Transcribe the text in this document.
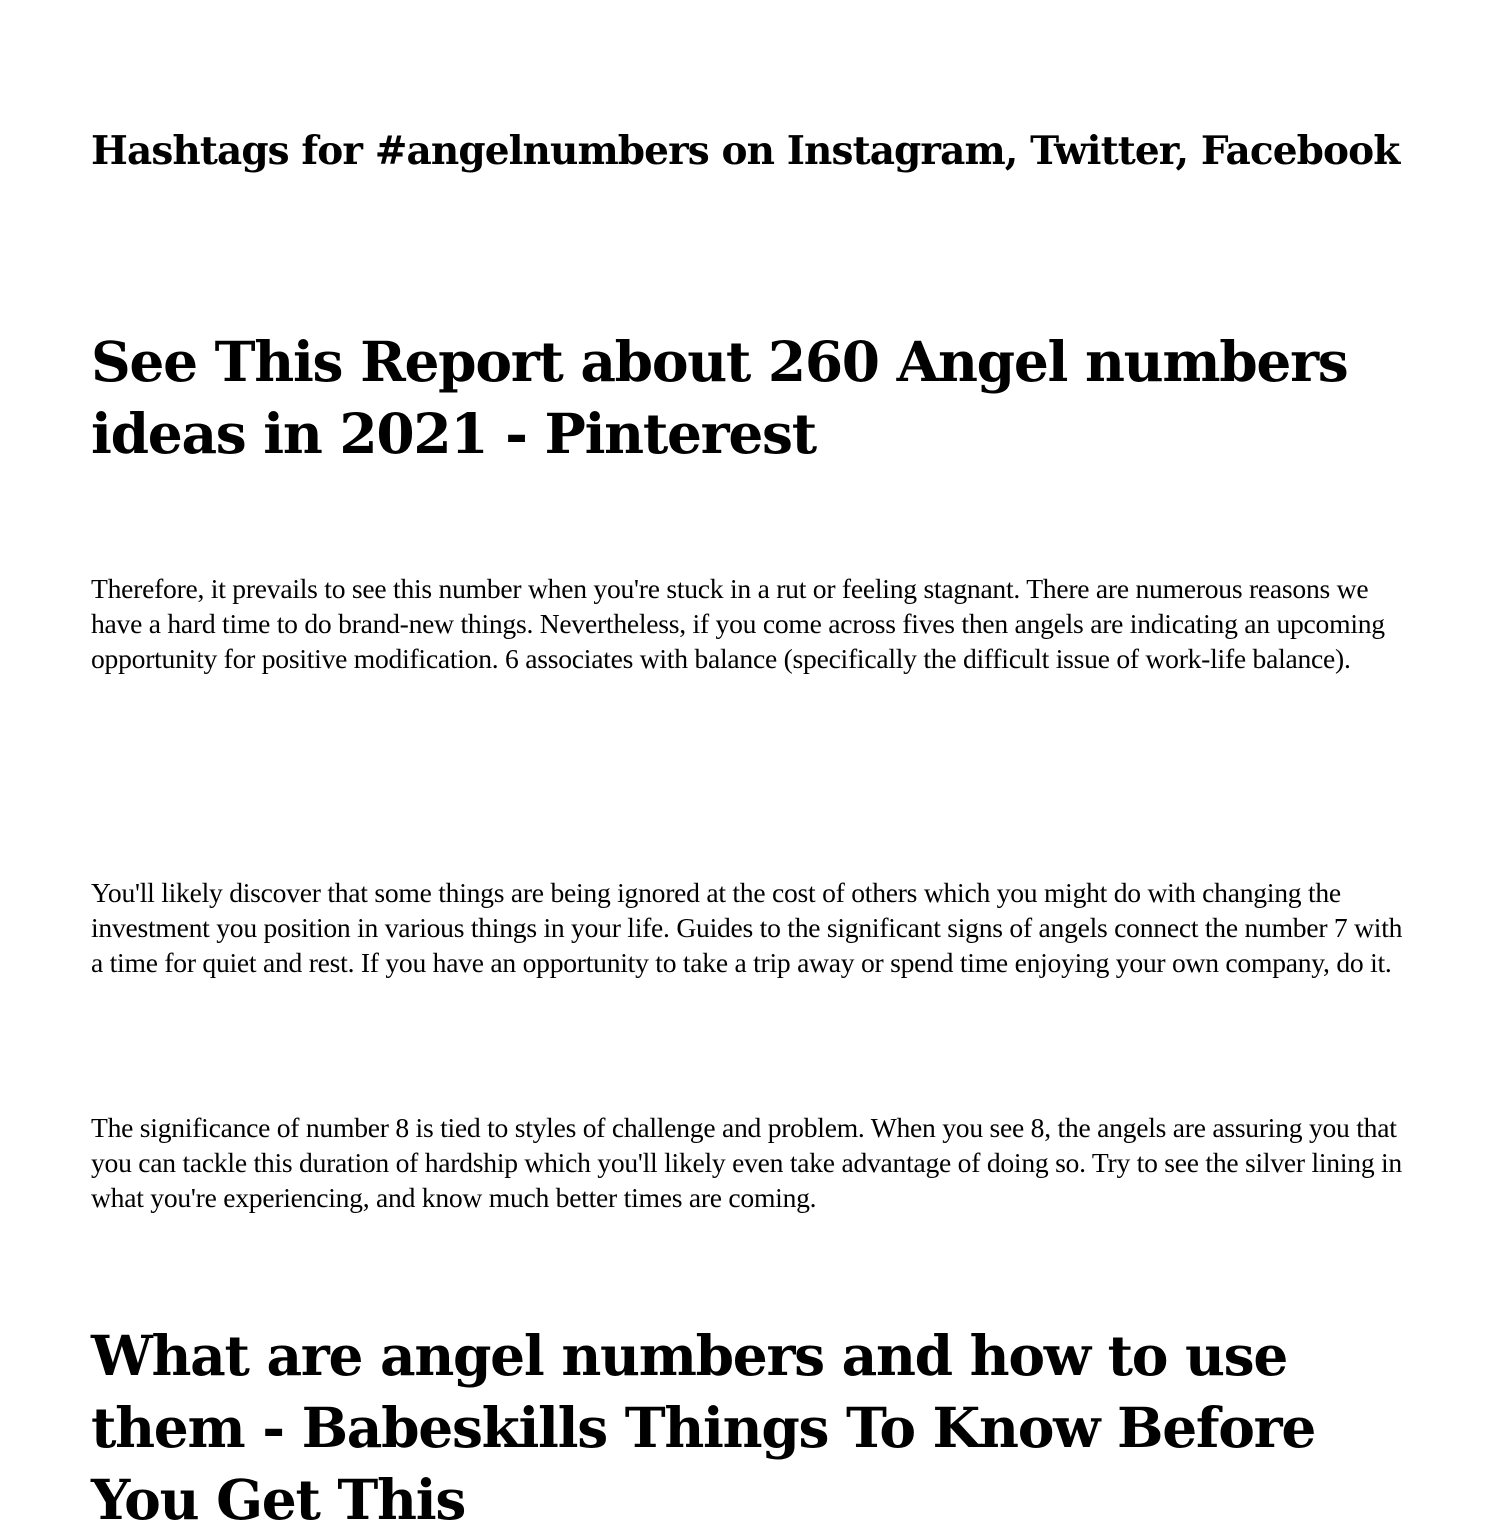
Hashtags for #angelnumbers on Instagram, Twitter, Facebook
See This Report about 260 Angel numbers ideas in 2021 - Pinterest

Therefore, it prevails to see this number when you're stuck in a rut or feeling stagnant. There are numerous reasons we have a hard time to do brand-new things. Nevertheless, if you come across fives then angels are indicating an upcoming opportunity for positive modification. 6 associates with balance (specifically the difficult issue of work-life balance).

You'll likely discover that some things are being ignored at the cost of others which you might do with changing the investment you position in various things in your life. Guides to the significant signs of angels connect the number 7 with a time for quiet and rest. If you have an opportunity to take a trip away or spend time enjoying your own company, do it.

The significance of number 8 is tied to styles of challenge and problem. When you see 8, the angels are assuring you that you can tackle this duration of hardship which you'll likely even take advantage of doing so. Try to see the silver lining in what you're experiencing, and know much better times are coming.

What are angel numbers and how to use them - Babeskills Things To Know Before You Get This
